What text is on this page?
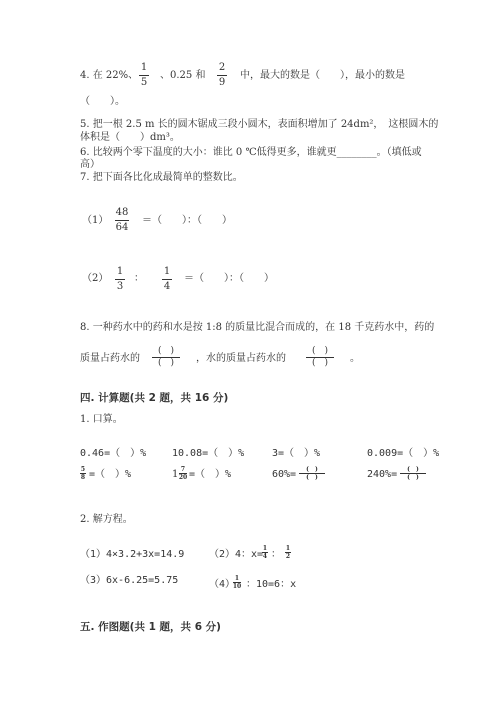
4. 在 22%、
1
5
、0.25 和
2
9
中，最大的数是（　　），最小的数是
（　　）。
5. 把一根 2.5 m 长的圆木锯成三段小圆木，表面积增加了 24dm²，　这根圆木的
体积是（　　）dm³。
6. 比较两个零下温度的大小：谁比 0 ℃低得更多，谁就更________。（填低或
高）
7. 把下面各比化成最简单的整数比。
（1）
48
64
＝（　　）：（　　）
（2）
1
3
：
1
4
＝（　　）：（　　）
8. 一种药水中的药和水是按 1:8 的质量比混合而成的，在 18 千克药水中，药的
质量占药水的
(　)
(　) ，水的质量占药水的
(　)
(　) 。
四. 计算题(共 2 题，共 16 分)
1. 口算。
0.46=（　）%	10.08=（　）%	3=（　）%	0.009=（　）%
5
8 =（　）%	1 7
20 =（　）%	60%= (　)
(　)	240%= (　)
(　)
2. 解方程。
（1）4×3.2+3x=14.9 （2）4：x=
1
4 ：
1
2
（3）6x-6.25=5.75	（4）
1
10 ：10=6：x
五. 作图题(共 1 题，共 6 分)
